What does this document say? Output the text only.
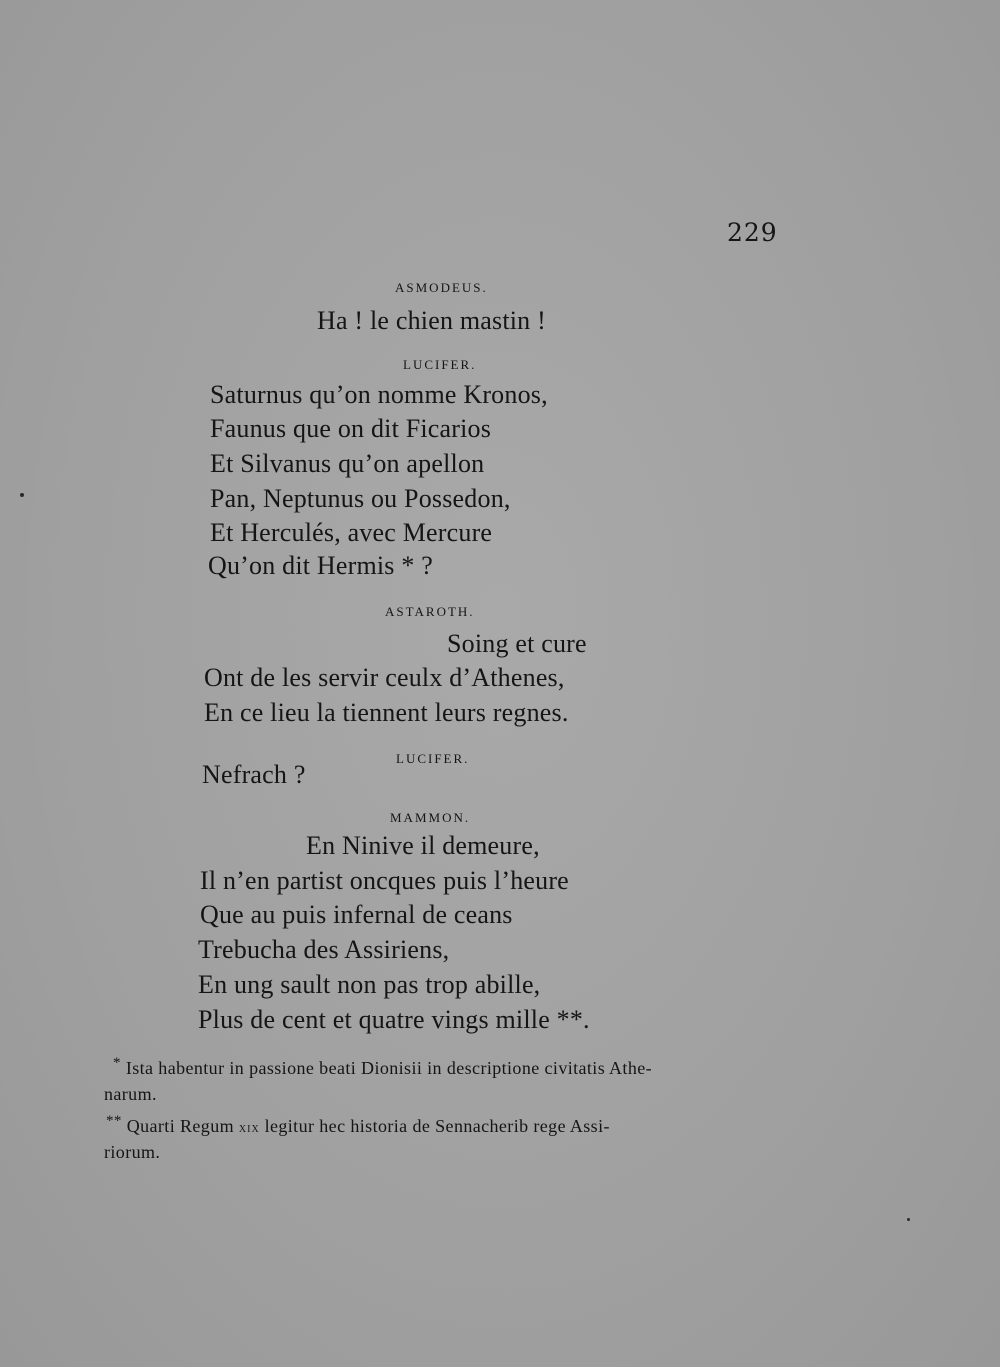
229
ASMODEUS.
Ha ! le chien mastin !
LUCIFER.
Saturnus qu’on nomme Kronos,
Faunus que on dit Ficarios
Et Silvanus qu’on apellon
Pan, Neptunus ou Possedon,
Et Herculés, avec Mercure
Qu’on dit Hermis * ?
ASTAROTH.
Soing et cure
Ont de les servir ceulx d’Athenes,
En ce lieu la tiennent leurs regnes.
LUCIFER.
Nefrach ?
MAMMON.
En Ninive il demeure,
Il n’en partist oncques puis l’heure
Que au puis infernal de ceans
Trebucha des Assiriens,
En ung sault non pas trop abille,
Plus de cent et quatre vings mille **.
* Ista habentur in passione beati Dionisii in descriptione civitatis Athe-
narum.
** Quarti Regum xix legitur hec historia de Sennacherib rege Assi-
riorum.
